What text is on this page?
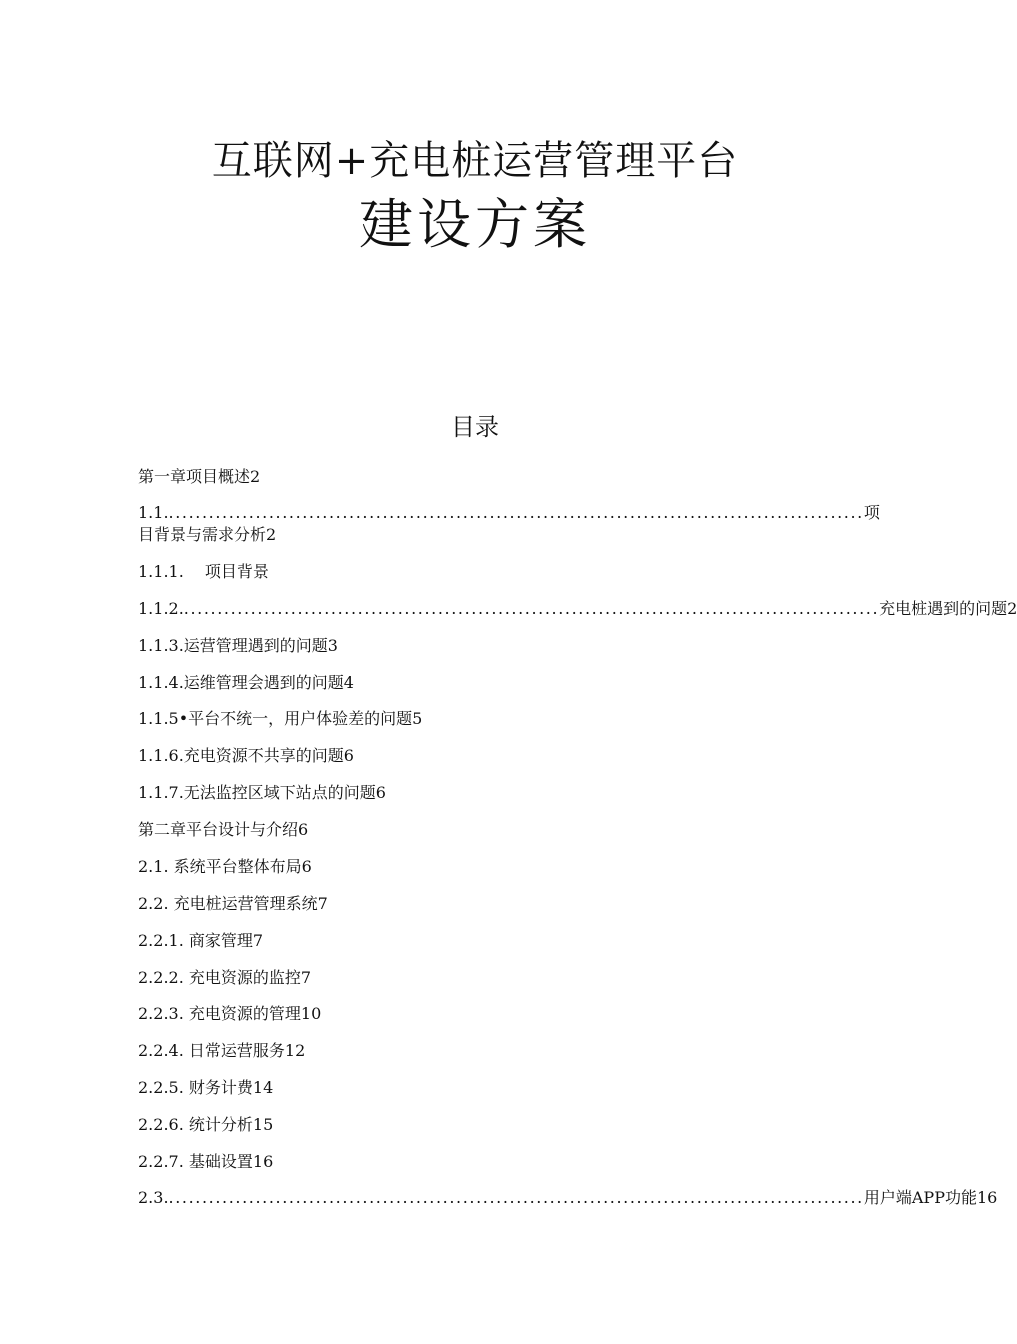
互联网+充电桩运营管理平台
建设方案
目录
第一章项目概述2
1.1. ........................................................................................................ 项
目背景与需求分析2
1.1.1.　 项目背景
1.1.2. ........................................................................................................ 充电桩遇到的问题2
1.1.3.运营管理遇到的问题3
1.1.4.运维管理会遇到的问题4
1.1.5•平台不统一，用户体验差的问题5
1.1.6.充电资源不共享的问题6
1.1.7.无法监控区域下站点的问题6
第二章平台设计与介绍6
2.1. 系统平台整体布局6
2.2. 充电桩运营管理系统7
2.2.1. 商家管理7
2.2.2. 充电资源的监控7
2.2.3. 充电资源的管理10
2.2.4. 日常运营服务12
2.2.5. 财务计费14
2.2.6. 统计分析15
2.2.7. 基础设置16
2.3. ........................................................................................................ 用户端APP功能16
